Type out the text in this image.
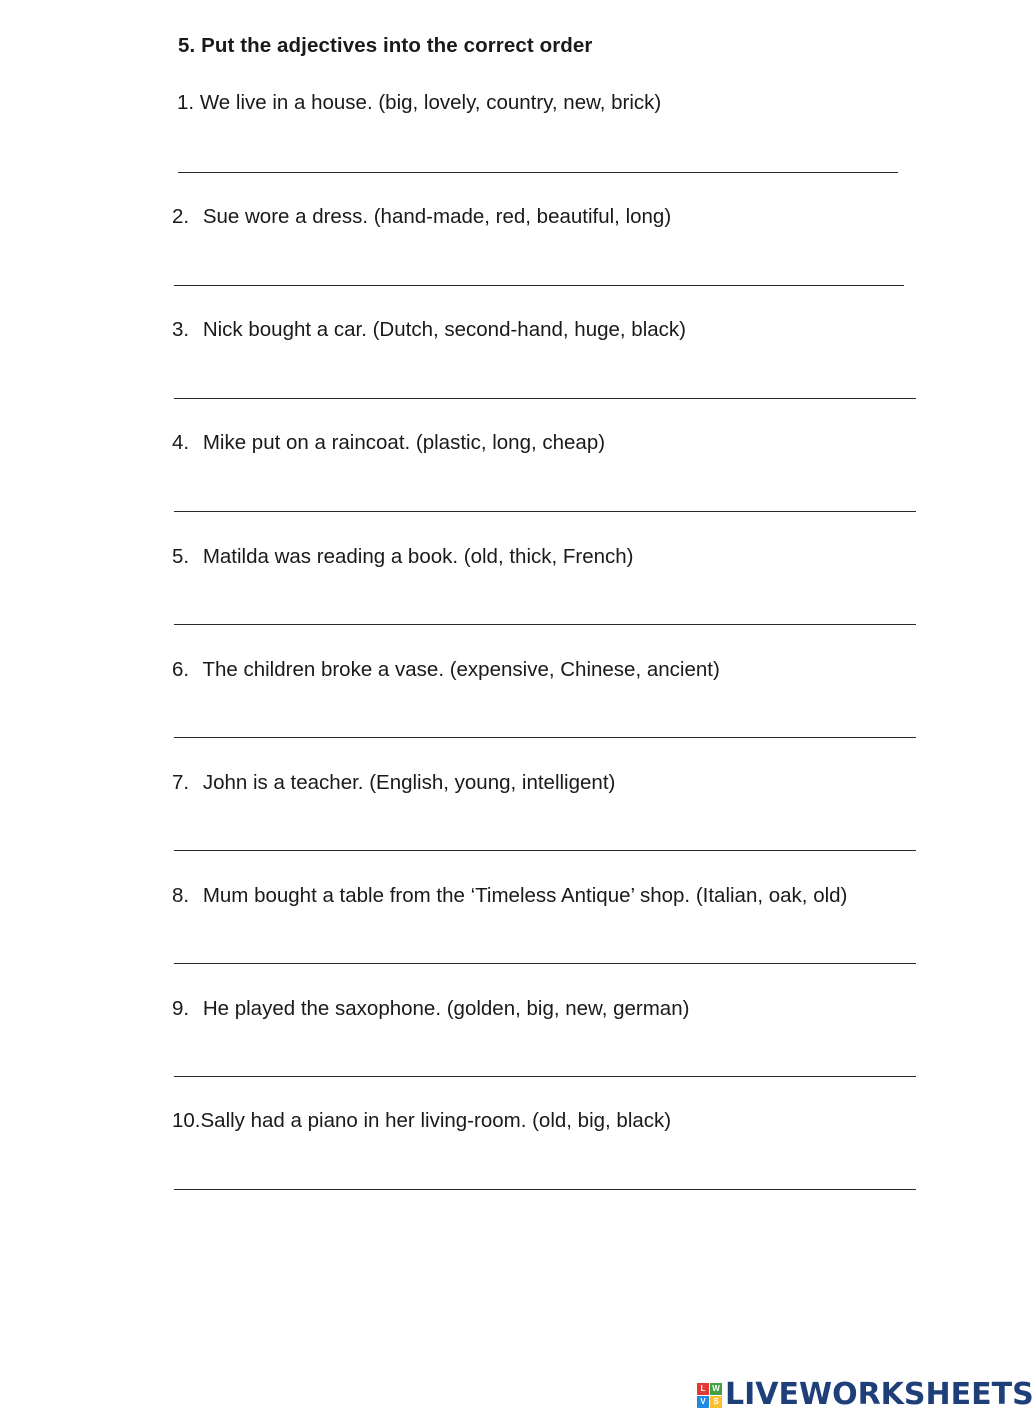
5. Put the adjectives into the correct order
1. We live in a house. (big, lovely, country, new, brick)
2. Sue wore a dress. (hand-made, red, beautiful, long)
3. Nick bought a car. (Dutch, second-hand, huge, black)
4. Mike put on a raincoat. (plastic, long, cheap)
5. Matilda was reading a book. (old, thick, French)
6. The children broke a vase. (expensive, Chinese, ancient)
7. John is a teacher. (English, young, intelligent)
8. Mum bought a table from the ‘Timeless Antique’ shop. (Italian, oak, old)
9. He played the saxophone. (golden, big, new, german)
10.Sally had a piano in her living-room. (old, big, black)
L W
V S LIVEWORKSHEETS
